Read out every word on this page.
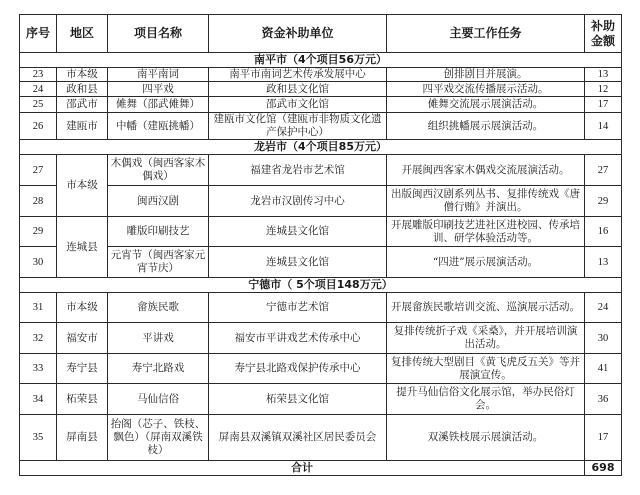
序号	地区	项目名称	资金补助单位	主要工作任务	补助金额
南平市（4个项目56万元）					
23	市本级	南平南词	南平市南词艺术传承发展中心	创排剧目并展演。	13
24	政和县	四平戏	政和县文化馆	四平戏交流传播展示活动。	12
25	邵武市	傩舞（邵武傩舞）	邵武市文化馆	傩舞交流展示展演活动。	17
26	建瓯市	中幡（建瓯挑幡）	建瓯市文化馆（建瓯市非物质文化遗产保护中心）	组织挑幡展示展演活动。	14
龙岩市（4个项目85万元）					
27	市本级	木偶戏（闽西客家木偶戏）	福建省龙岩市艺术馆	开展闽西客家木偶戏交流展演活动。	27
28		闽西汉剧	龙岩市汉剧传习中心	出版闽西汉剧系列丛书、复排传统戏《唐僧行贿》并演出。	29
29	连城县	雕版印刷技艺	连城县文化馆	开展雕版印刷技艺进社区进校园、传承培训、研学体验活动等。	16
30		元宵节（闽西客家元宵节庆）	连城县文化馆	“四进”展示展演活动。	13
宁德市（ 5个项目148万元）					
31	市本级	畲族民歌	宁德市艺术馆	开展畲族民歌培训交流、巡演展示活动。	24
32	福安市	平讲戏	福安市平讲戏艺术传承中心	复排传统折子戏《采桑》，并开展培训演出活动。	30
33	寿宁县	寿宁北路戏	寿宁县北路戏保护传承中心	复排传统大型剧目《黄飞虎反五关》等并展演宣传。	41
34	柘荣县	马仙信俗	柘荣县文化馆	提升马仙信俗文化展示馆，举办民俗灯会。	36
35	屏南县	抬阁（芯子、铁枝、飘色）（屏南双溪铁枝）	屏南县双溪镇双溪社区居民委员会	双溪铁枝展示展演活动。	17
合计					698
